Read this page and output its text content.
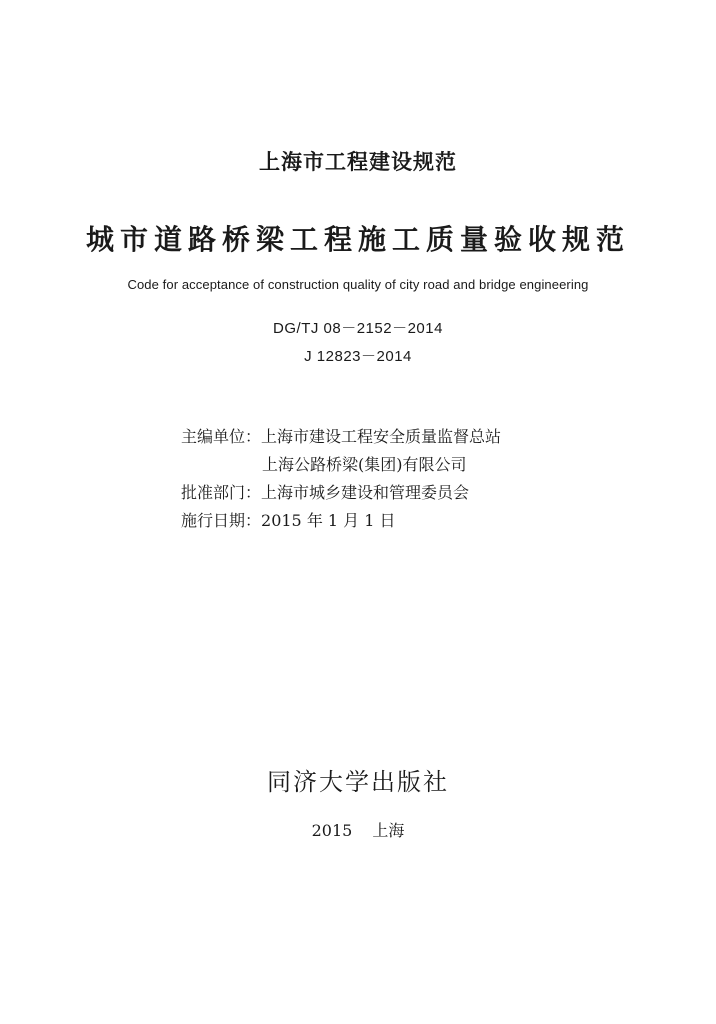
上海市工程建设规范
城市道路桥梁工程施工质量验收规范
Code for acceptance of construction quality of city road and bridge engineering
DG/TJ 08－2152－2014
J 12823－2014
主编单位：上海市建设工程安全质量监督总站
上海公路桥梁(集团)有限公司
批准部门：上海市城乡建设和管理委员会
施行日期：2015 年 1 月 1 日
同济大学出版社
2015 上海
